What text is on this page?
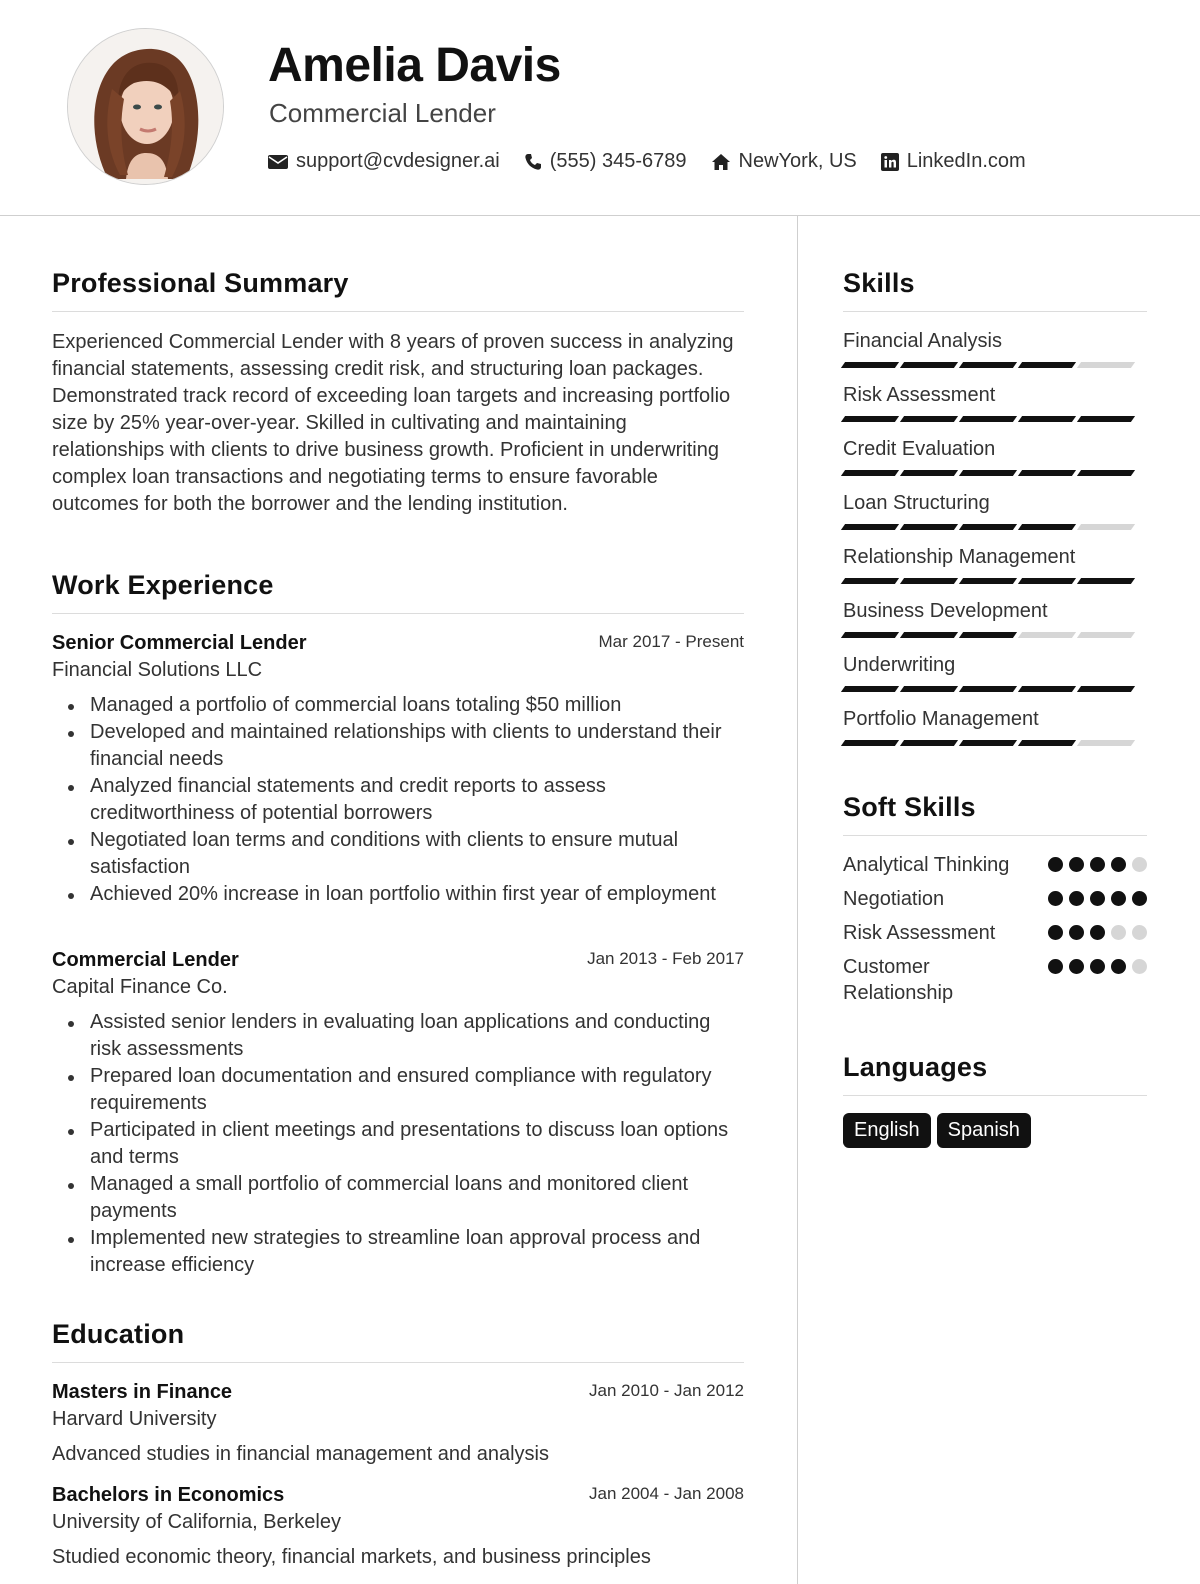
Amelia Davis
Commercial Lender
support@cvdesigner.ai	(555) 345-6789	NewYork, US	LinkedIn.com
Professional Summary
Experienced Commercial Lender with 8 years of proven success in analyzing financial statements, assessing credit risk, and structuring loan packages. Demonstrated track record of exceeding loan targets and increasing portfolio size by 25% year-over-year. Skilled in cultivating and maintaining relationships with clients to drive business growth. Proficient in underwriting complex loan transactions and negotiating terms to ensure favorable outcomes for both the borrower and the lending institution.
Work Experience
Senior Commercial Lender	Mar 2017 - Present
Financial Solutions LLC
Managed a portfolio of commercial loans totaling $50 million
Developed and maintained relationships with clients to understand their financial needs
Analyzed financial statements and credit reports to assess creditworthiness of potential borrowers
Negotiated loan terms and conditions with clients to ensure mutual satisfaction
Achieved 20% increase in loan portfolio within first year of employment
Commercial Lender	Jan 2013 - Feb 2017
Capital Finance Co.
Assisted senior lenders in evaluating loan applications and conducting risk assessments
Prepared loan documentation and ensured compliance with regulatory requirements
Participated in client meetings and presentations to discuss loan options and terms
Managed a small portfolio of commercial loans and monitored client payments
Implemented new strategies to streamline loan approval process and increase efficiency
Education
Masters in Finance	Jan 2010 - Jan 2012
Harvard University
Advanced studies in financial management and analysis
Bachelors in Economics	Jan 2004 - Jan 2008
University of California, Berkeley
Studied economic theory, financial markets, and business principles
Skills
Financial Analysis
Risk Assessment
Credit Evaluation
Loan Structuring
Relationship Management
Business Development
Underwriting
Portfolio Management
Soft Skills
Analytical Thinking
Negotiation
Risk Assessment
Customer Relationship
Languages
English	Spanish
